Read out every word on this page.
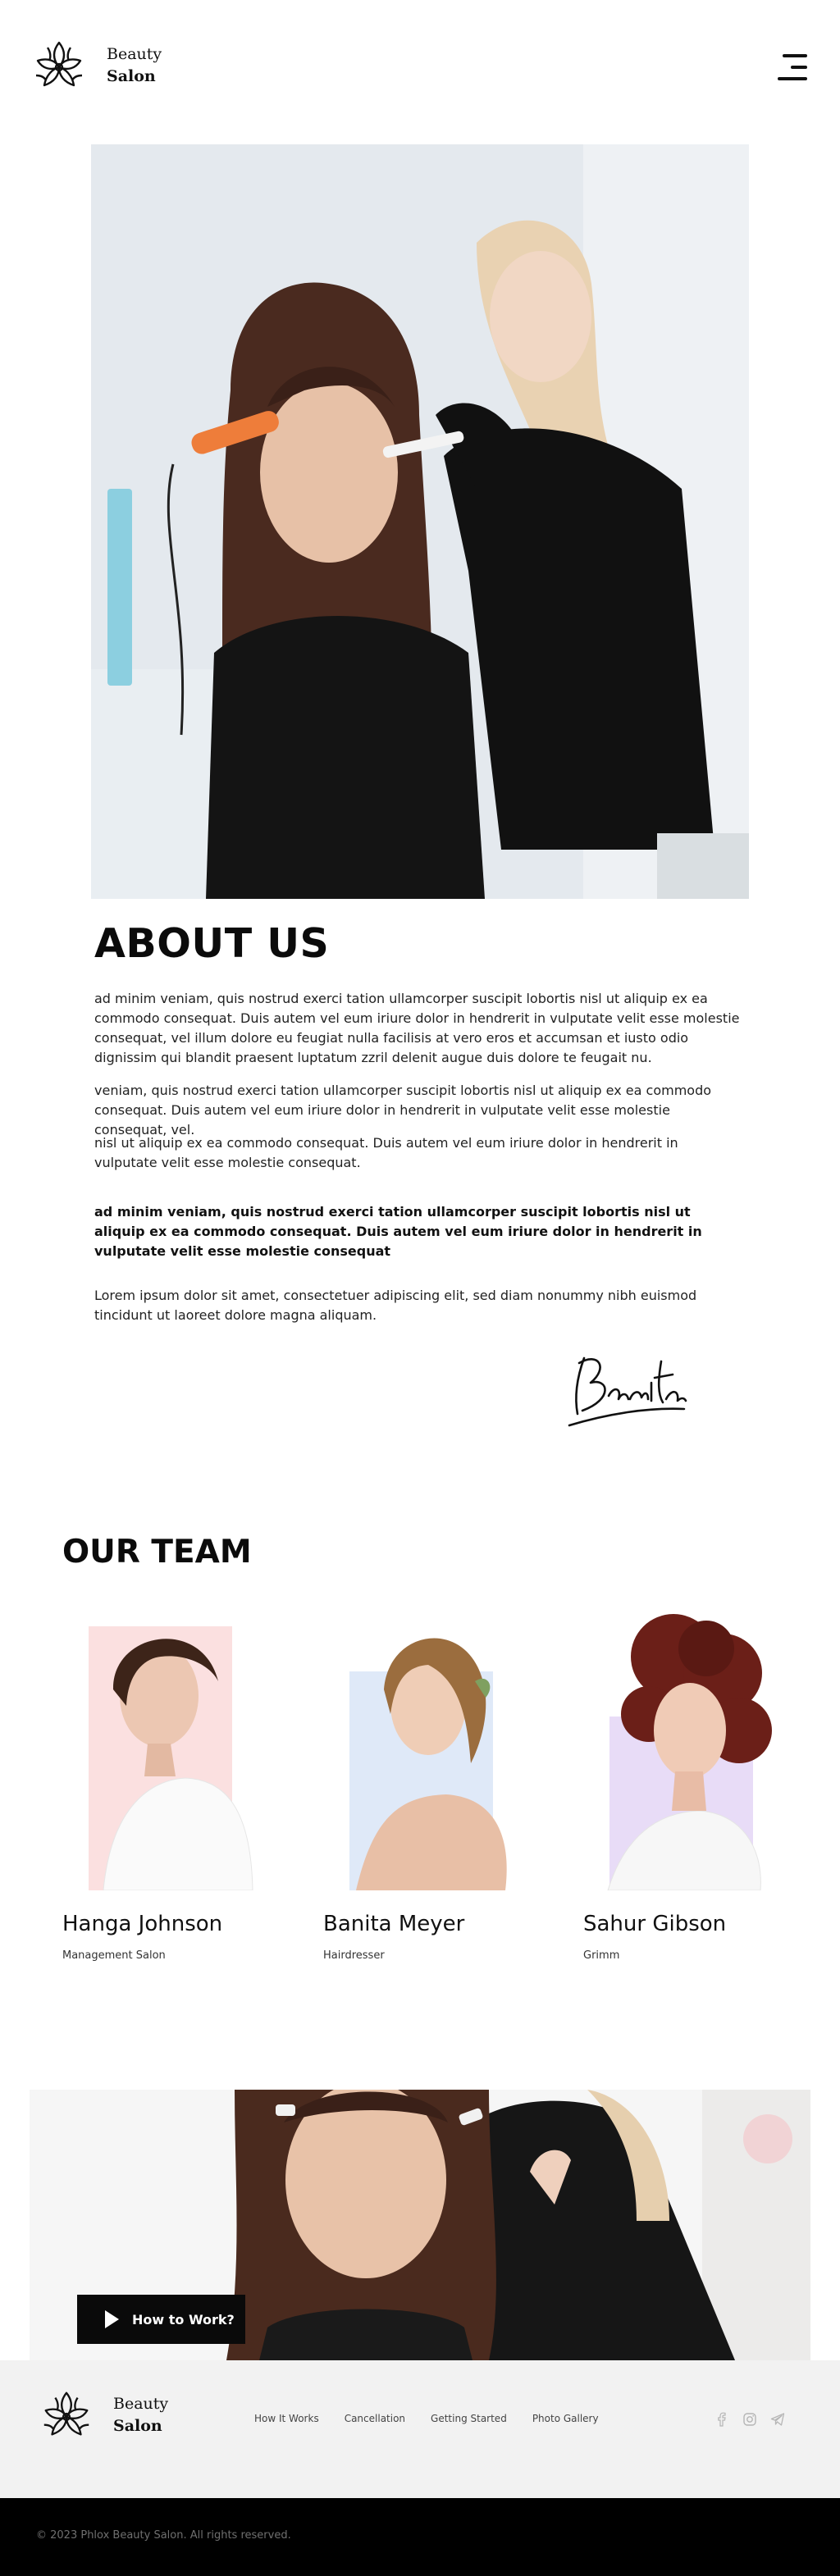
Beauty
Salon
ABOUT US

ad minim veniam, quis nostrud exerci tation ullamcorper suscipit lobortis nisl ut aliquip ex ea commodo consequat. Duis autem vel eum iriure dolor in hendrerit in vulputate velit esse molestie consequat, vel illum dolore eu feugiat nulla facilisis at vero eros et accumsan et iusto odio dignissim qui blandit praesent luptatum zzril delenit augue duis dolore te feugait nu.

veniam, quis nostrud exerci tation ullamcorper suscipit lobortis nisl ut aliquip ex ea commodo consequat. Duis autem vel eum iriure dolor in hendrerit in vulputate velit esse molestie consequat, vel.

nisl ut aliquip ex ea commodo consequat. Duis autem vel eum iriure dolor in hendrerit in vulputate velit esse molestie consequat.

ad minim veniam, quis nostrud exerci tation ullamcorper suscipit lobortis nisl ut aliquip ex ea commodo consequat. Duis autem vel eum iriure dolor in hendrerit in vulputate velit esse molestie consequat

Lorem ipsum dolor sit amet, consectetuer adipiscing elit, sed diam nonummy nibh euismod tincidunt ut laoreet dolore magna aliquam.

OUR TEAM
Hanga Johnson
Management Salon
Banita Meyer
Hairdresser
Sahur Gibson
Grimm
How to Work?
Beauty
Salon	How It Works	Cancellation	Getting Started	Photo Gallery
© 2023 Phlox Beauty Salon. All rights reserved.
